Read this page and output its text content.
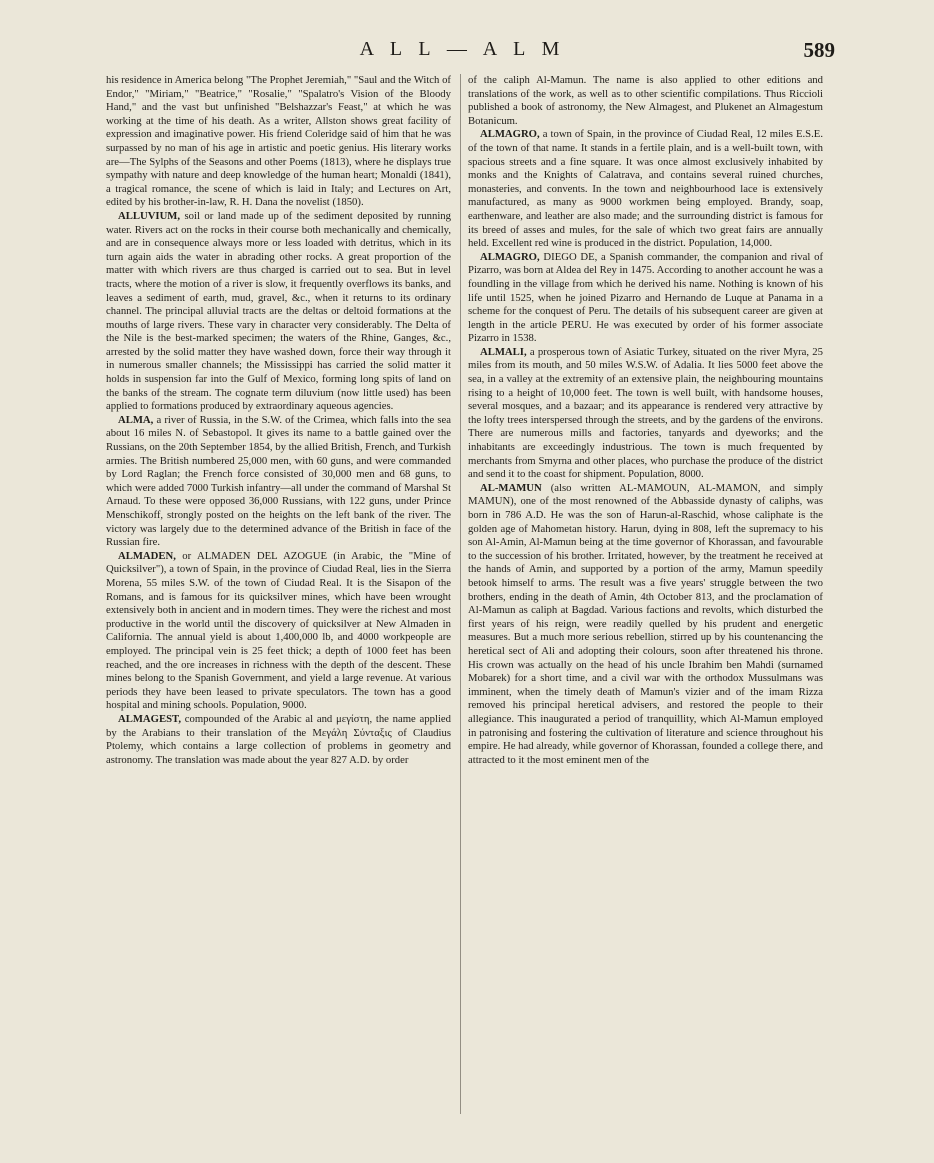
A L L — A L M	589

his residence in America belong "The Prophet Jeremiah," "Saul and the Witch of Endor," "Miriam," "Beatrice," "Rosalie," "Spalatro's Vision of the Bloody Hand," and the vast but unfinished "Belshazzar's Feast," at which he was working at the time of his death. As a writer, Allston shows great facility of expression and imaginative power. His friend Coleridge said of him that he was surpassed by no man of his age in artistic and poetic genius. His literary works are—The Sylphs of the Seasons and other Poems (1813), where he displays true sympathy with nature and deep knowledge of the human heart; Monaldi (1841), a tragical romance, the scene of which is laid in Italy; and Lectures on Art, edited by his brother-in-law, R. H. Dana the novelist (1850).

ALLUVIUM, soil or land made up of the sediment deposited by running water. Rivers act on the rocks in their course both mechanically and chemically, and are in consequence always more or less loaded with detritus, which in its turn again aids the water in abrading other rocks. A great proportion of the matter with which rivers are thus charged is carried out to sea. But in level tracts, where the motion of a river is slow, it frequently overflows its banks, and leaves a sediment of earth, mud, gravel, &c., when it returns to its ordinary channel. The principal alluvial tracts are the deltas or deltoid formations at the mouths of large rivers. These vary in character very considerably. The Delta of the Nile is the best-marked specimen; the waters of the Rhine, Ganges, &c., arrested by the solid matter they have washed down, force their way through it in numerous smaller channels; the Mississippi has carried the solid matter it holds in suspension far into the Gulf of Mexico, forming long spits of land on the banks of the stream. The cognate term diluvium (now little used) has been applied to formations produced by extraordinary aqueous agencies.

ALMA, a river of Russia, in the S.W. of the Crimea, which falls into the sea about 16 miles N. of Sebastopol. It gives its name to a battle gained over the Russians, on the 20th September 1854, by the allied British, French, and Turkish armies. The British numbered 25,000 men, with 60 guns, and were commanded by Lord Raglan; the French force consisted of 30,000 men and 68 guns, to which were added 7000 Turkish infantry—all under the command of Marshal St Arnaud. To these were opposed 36,000 Russians, with 122 guns, under Prince Menschikoff, strongly posted on the heights on the left bank of the river. The victory was largely due to the determined advance of the British in face of the Russian fire.

ALMADEN, or ALMADEN DEL AZOGUE (in Arabic, the "Mine of Quicksilver"), a town of Spain, in the province of Ciudad Real, lies in the Sierra Morena, 55 miles S.W. of the town of Ciudad Real. It is the Sisapon of the Romans, and is famous for its quicksilver mines, which have been wrought extensively both in ancient and in modern times. They were the richest and most productive in the world until the discovery of quicksilver at New Almaden in California. The annual yield is about 1,400,000 lb, and 4000 workpeople are employed. The principal vein is 25 feet thick; a depth of 1000 feet has been reached, and the ore increases in richness with the depth of the descent. These mines belong to the Spanish Government, and yield a large revenue. At various periods they have been leased to private speculators. The town has a good hospital and mining schools. Population, 9000.

ALMAGEST, compounded of the Arabic al and μεγίστη, the name applied by the Arabians to their translation of the Μεγάλη Σύνταξις of Claudius Ptolemy, which contains a large collection of problems in geometry and astronomy. The translation was made about the year 827 A.D. by order

of the caliph Al-Mamun. The name is also applied to other editions and translations of the work, as well as to other scientific compilations. Thus Riccioli published a book of astronomy, the New Almagest, and Plukenet an Almagestum Botanicum.

ALMAGRO, a town of Spain, in the province of Ciudad Real, 12 miles E.S.E. of the town of that name. It stands in a fertile plain, and is a well-built town, with spacious streets and a fine square. It was once almost exclusively inhabited by monks and the Knights of Calatrava, and contains several ruined churches, monasteries, and convents. In the town and neighbourhood lace is extensively manufactured, as many as 9000 workmen being employed. Brandy, soap, earthenware, and leather are also made; and the surrounding district is famous for its breed of asses and mules, for the sale of which two great fairs are annually held. Excellent red wine is produced in the district. Population, 14,000.

ALMAGRO, DIEGO DE, a Spanish commander, the companion and rival of Pizarro, was born at Aldea del Rey in 1475. According to another account he was a foundling in the village from which he derived his name. Nothing is known of his life until 1525, when he joined Pizarro and Hernando de Luque at Panama in a scheme for the conquest of Peru. The details of his subsequent career are given at length in the article PERU. He was executed by order of his former associate Pizarro in 1538.

ALMALI, a prosperous town of Asiatic Turkey, situated on the river Myra, 25 miles from its mouth, and 50 miles W.S.W. of Adalia. It lies 5000 feet above the sea, in a valley at the extremity of an extensive plain, the neighbouring mountains rising to a height of 10,000 feet. The town is well built, with handsome houses, several mosques, and a bazaar; and its appearance is rendered very attractive by the lofty trees interspersed through the streets, and by the gardens of the environs. There are numerous mills and factories, tanyards and dyeworks; and the inhabitants are exceedingly industrious. The town is much frequented by merchants from Smyrna and other places, who purchase the produce of the district and send it to the coast for shipment. Population, 8000.

AL-MAMUN (also written AL-MAMOUN, AL-MAMON, and simply MAMUN), one of the most renowned of the Abbasside dynasty of caliphs, was born in 786 A.D. He was the son of Harun-al-Raschid, whose caliphate is the golden age of Mahometan history. Harun, dying in 808, left the supremacy to his son Al-Amin, Al-Mamun being at the time governor of Khorassan, and favourable to the succession of his brother. Irritated, however, by the treatment he received at the hands of Amin, and supported by a portion of the army, Mamun speedily betook himself to arms. The result was a five years' struggle between the two brothers, ending in the death of Amin, 4th October 813, and the proclamation of Al-Mamun as caliph at Bagdad. Various factions and revolts, which disturbed the first years of his reign, were readily quelled by his prudent and energetic measures. But a much more serious rebellion, stirred up by his countenancing the heretical sect of Ali and adopting their colours, soon after threatened his throne. His crown was actually on the head of his uncle Ibrahim ben Mahdi (surnamed Mobarek) for a short time, and a civil war with the orthodox Mussulmans was imminent, when the timely death of Mamun's vizier and of the imam Rizza removed his principal heretical advisers, and restored the people to their allegiance. This inaugurated a period of tranquillity, which Al-Mamun employed in patronising and fostering the cultivation of literature and science throughout his empire. He had already, while governor of Khorassan, founded a college there, and attracted to it the most eminent men of the
